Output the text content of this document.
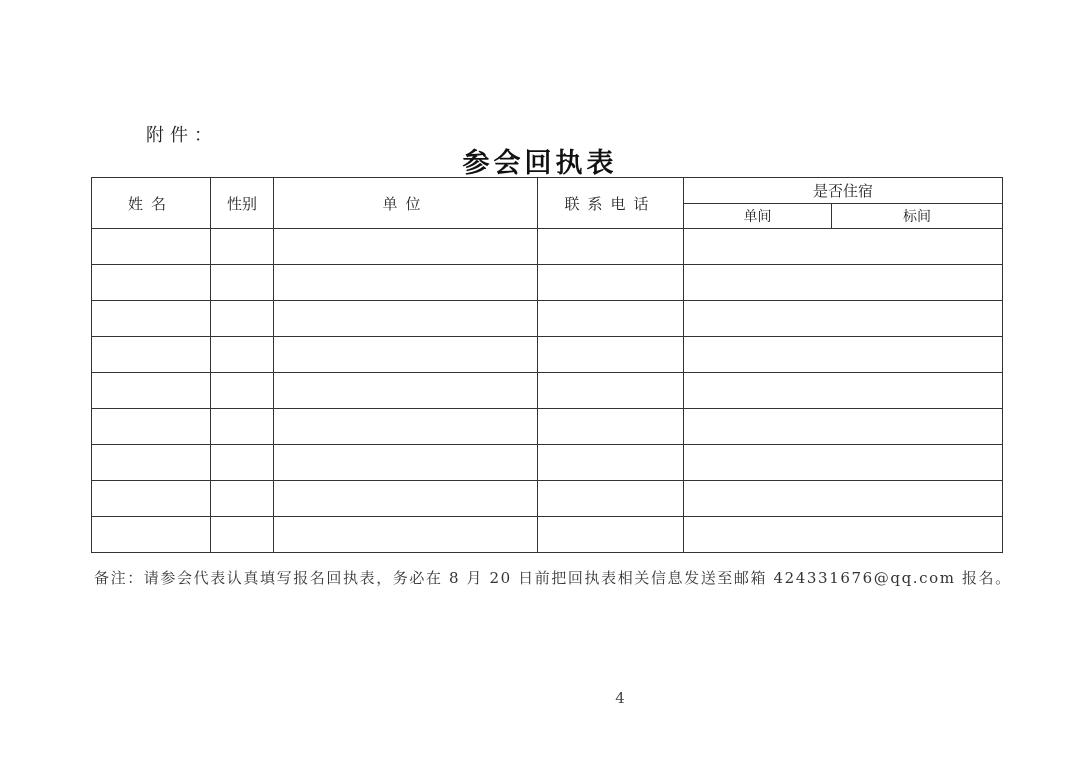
附件：
参会回执表
姓名	性别	单位	联系电话	是否住宿	
				单间	标间

备注：请参会代表认真填写报名回执表，务必在 8 月 20 日前把回执表相关信息发送至邮箱 424331676@qq.com 报名。
4
